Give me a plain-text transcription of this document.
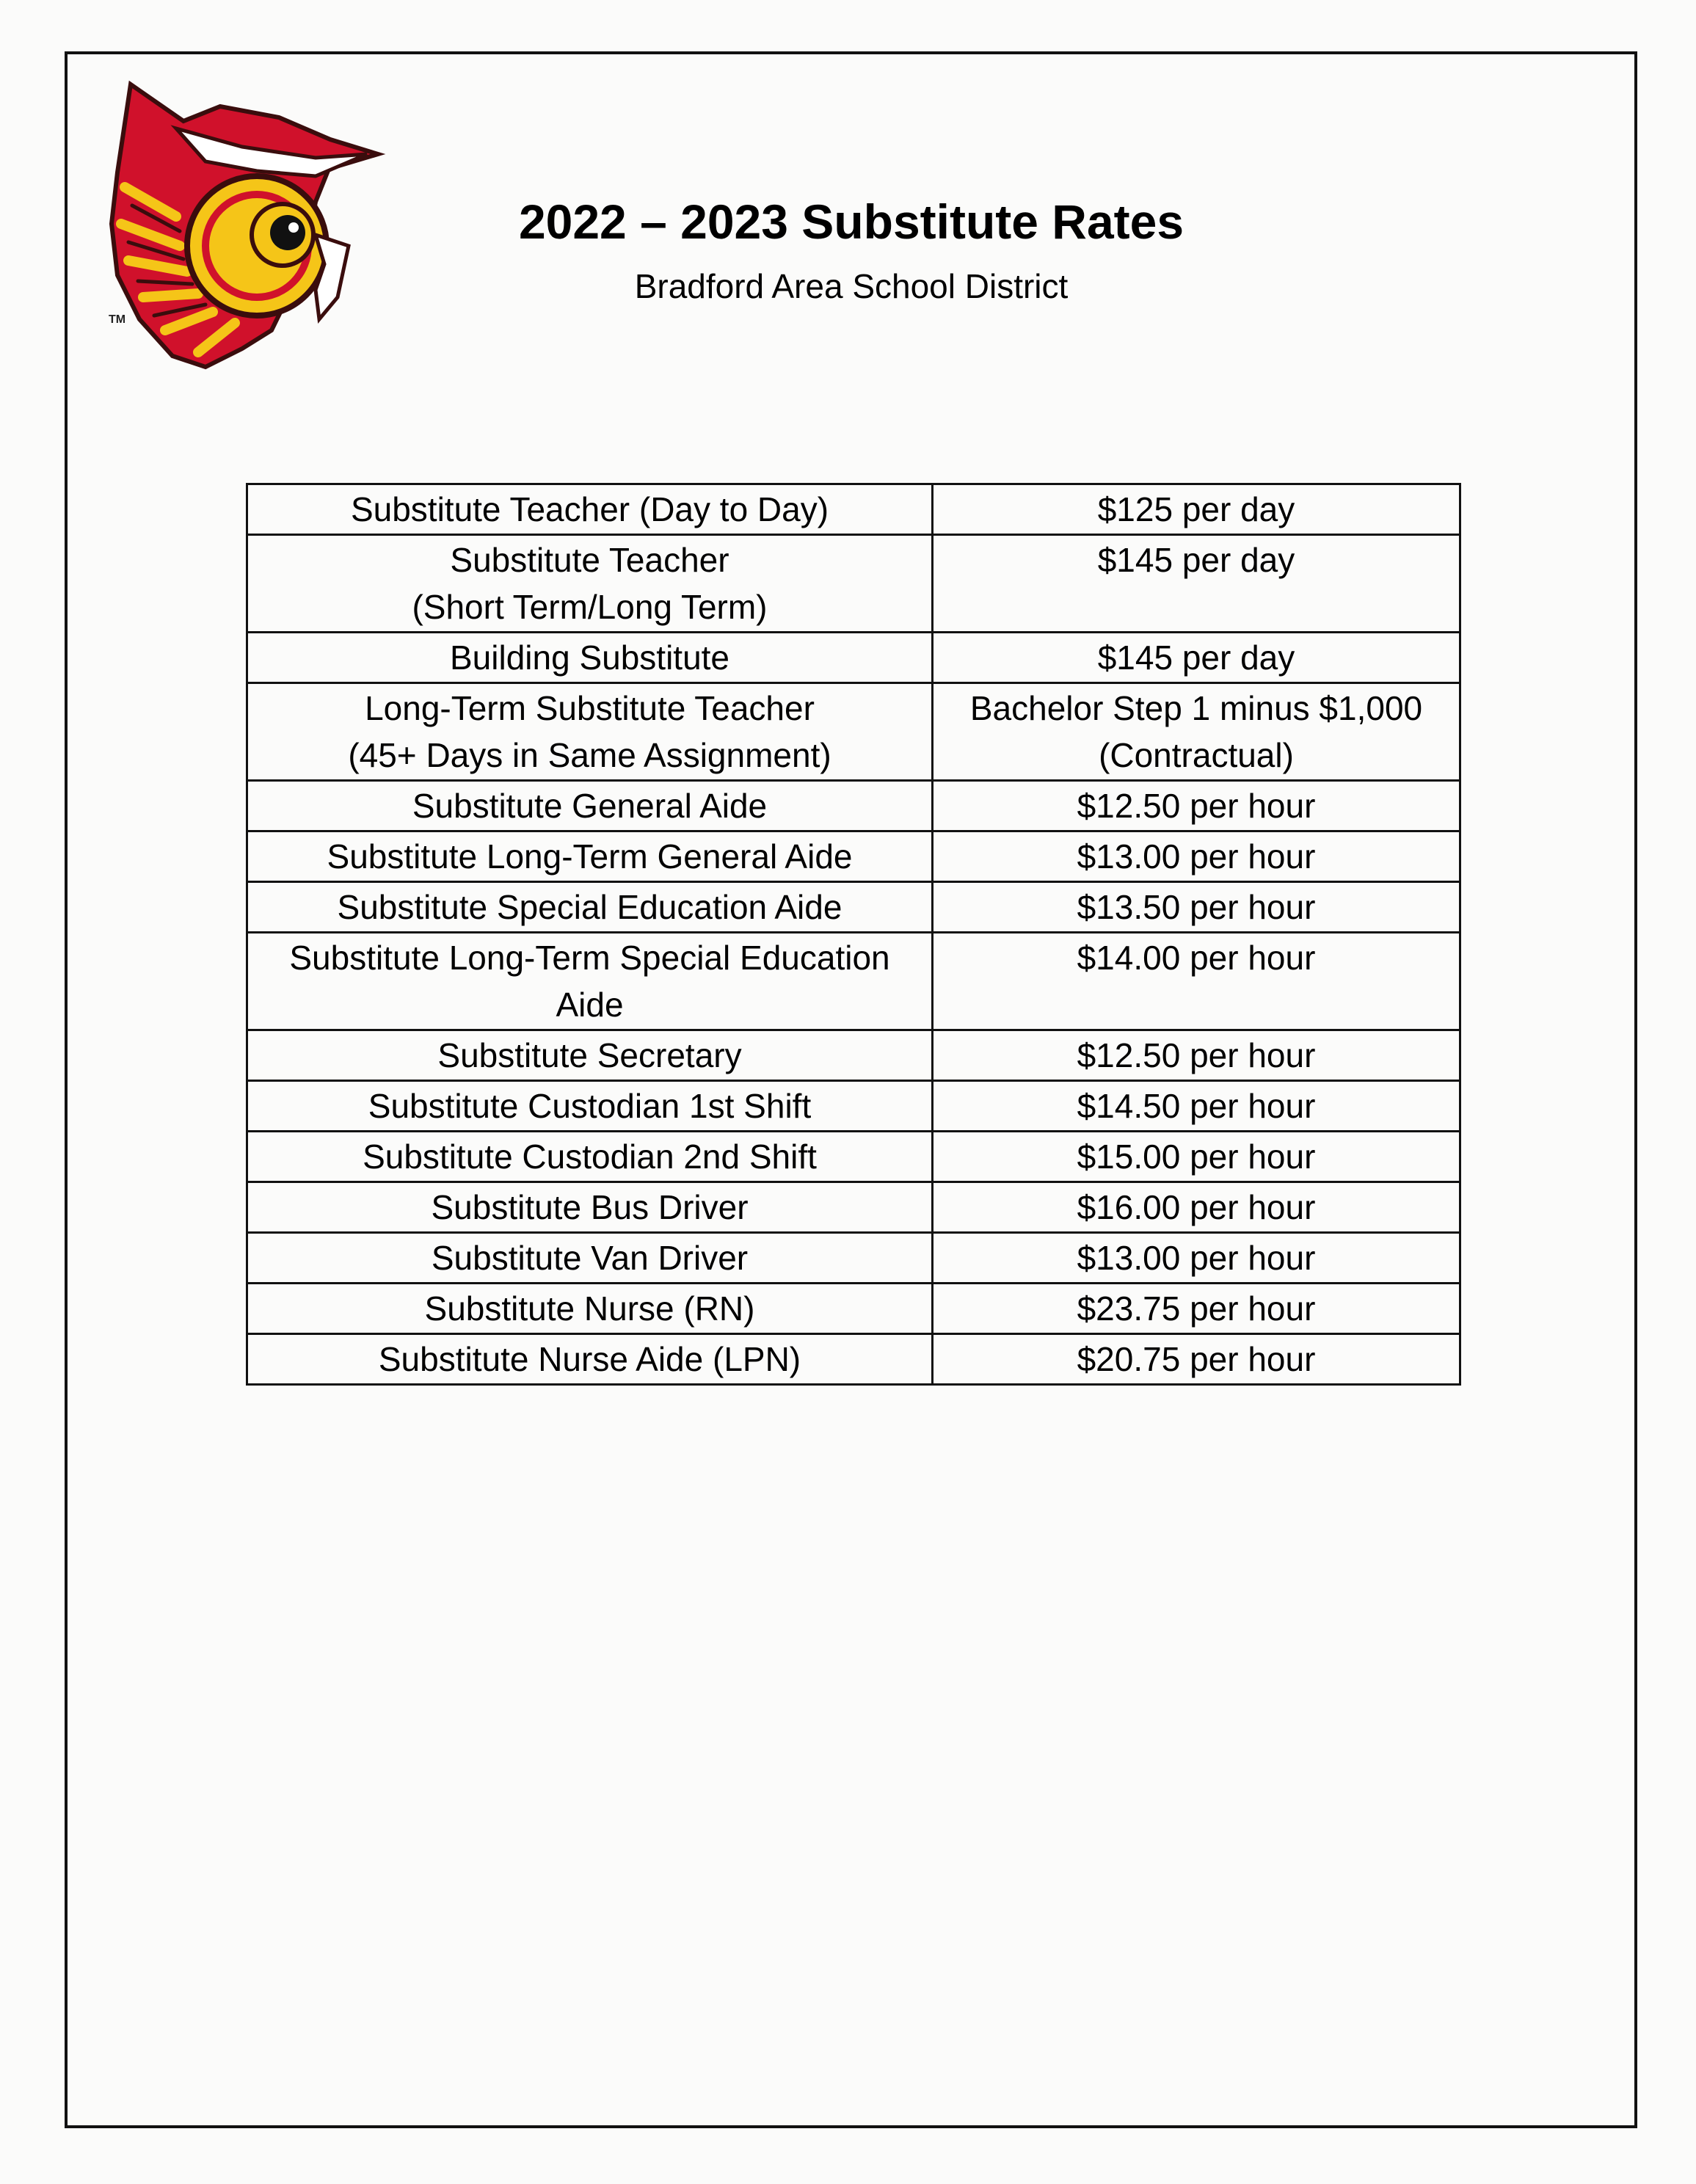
TM
2022 – 2023 Substitute Rates
Bradford Area School District
Substitute Teacher (Day to Day)	$125 per day
Substitute Teacher
(Short Term/Long Term)	$145 per day
Building Substitute	$145 per day
Long-Term Substitute Teacher
(45+ Days in Same Assignment)	Bachelor Step 1 minus $1,000
(Contractual)
Substitute General Aide	$12.50 per hour
Substitute Long-Term General Aide	$13.00 per hour
Substitute Special Education Aide	$13.50 per hour
Substitute Long-Term Special Education
Aide	$14.00 per hour
Substitute Secretary	$12.50 per hour
Substitute Custodian 1st Shift	$14.50 per hour
Substitute Custodian 2nd Shift	$15.00 per hour
Substitute Bus Driver	$16.00 per hour
Substitute Van Driver	$13.00 per hour
Substitute Nurse (RN)	$23.75 per hour
Substitute Nurse Aide (LPN)	$20.75 per hour
